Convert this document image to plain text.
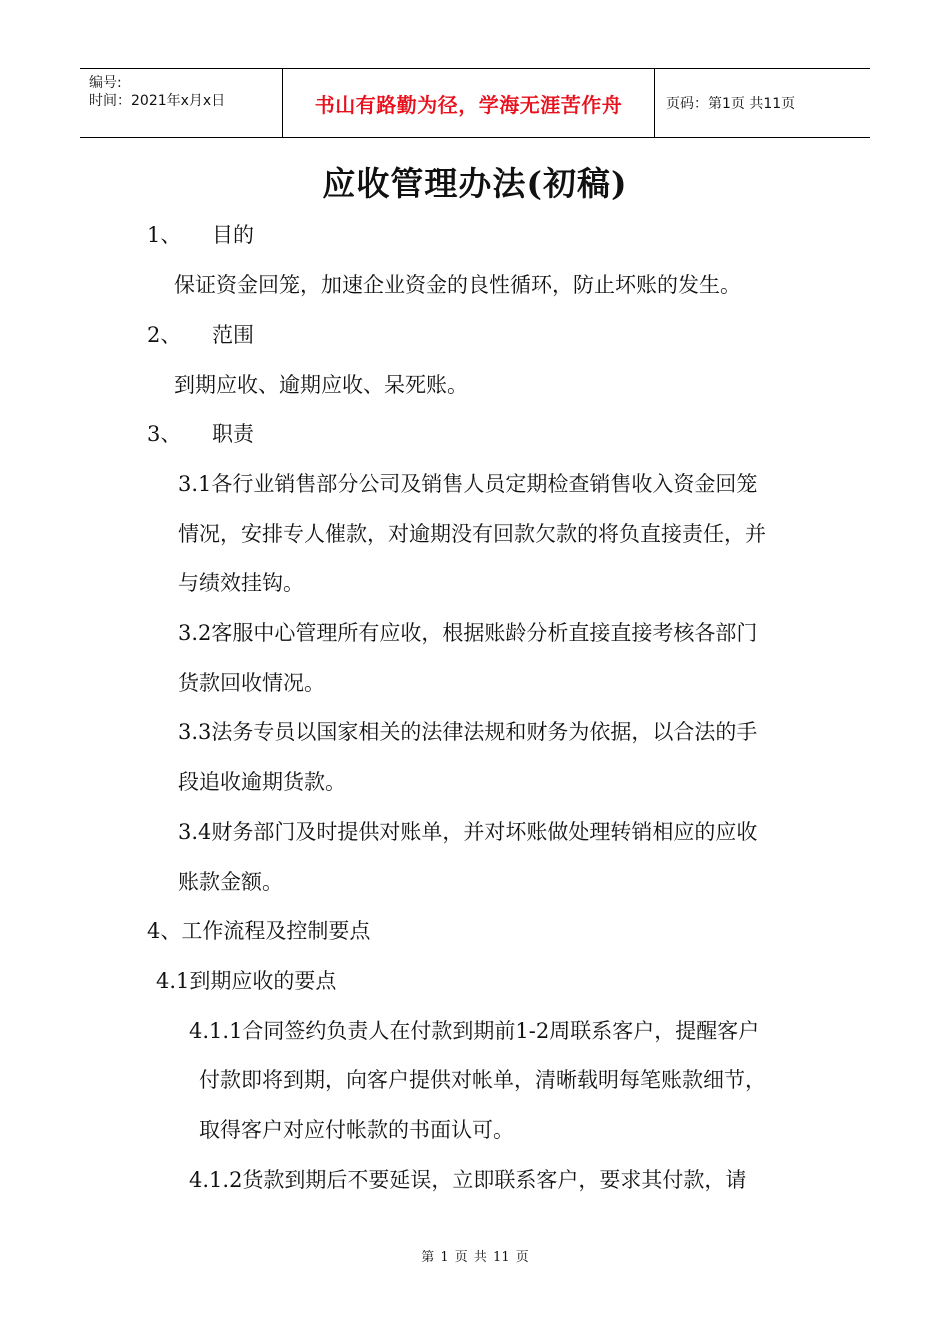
编号:
时间：2021年x月x日	书山有路勤为径，学海无涯苦作舟	页码：第1页 共11页
应收管理办法(初稿)
1、 目的
保证资金回笼，加速企业资金的良性循环，防止坏账的发生。
2、 范围
到期应收、逾期应收、呆死账。
3、 职责
3.1各行业销售部分公司及销售人员定期检查销售收入资金回笼
情况，安排专人催款，对逾期没有回款欠款的将负直接责任，并
与绩效挂钩。
3.2客服中心管理所有应收，根据账龄分析直接直接考核各部门
货款回收情况。
3.3法务专员以国家相关的法律法规和财务为依据，以合法的手
段追收逾期货款。
3.4财务部门及时提供对账单，并对坏账做处理转销相应的应收
账款金额。
4、工作流程及控制要点
4.1到期应收的要点
4.1.1合同签约负责人在付款到期前1-2周联系客户，提醒客户
付款即将到期，向客户提供对帐单，清晰载明每笔账款细节，
取得客户对应付帐款的书面认可。
4.1.2货款到期后不要延误，立即联系客户，要求其付款，请
第 1 页 共 11 页
